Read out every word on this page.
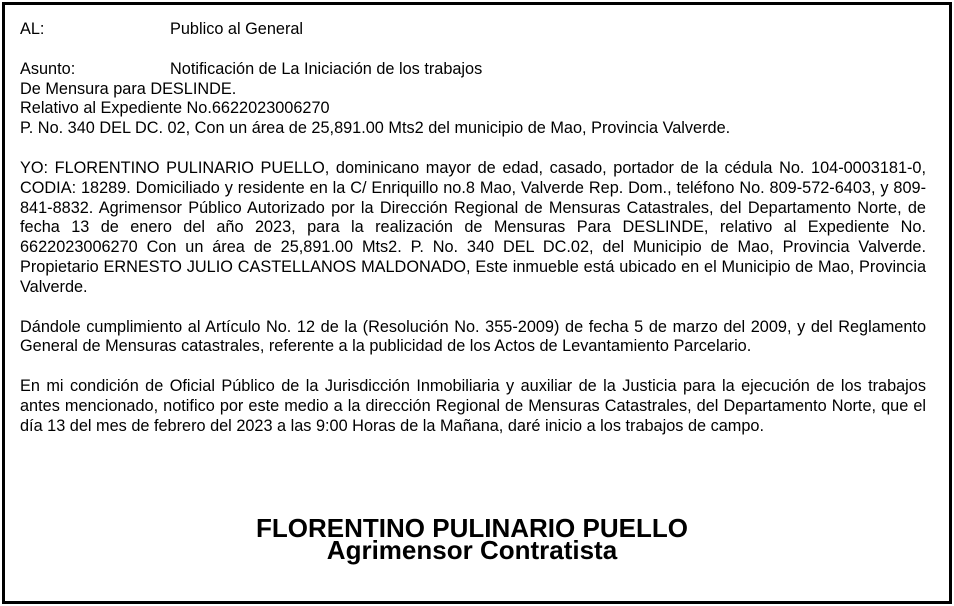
AL:	Publico al General
Asunto:	Notificación de La Iniciación de los trabajos
De Mensura para DESLINDE.
Relativo al Expediente No.6622023006270
P. No. 340 DEL DC. 02, Con un área de 25,891.00 Mts2 del municipio de Mao, Provincia Valverde.
YO: FLORENTINO PULINARIO PUELLO, dominicano mayor de edad, casado, portador de la cédula No. 104-0003181-0, CODIA: 18289. Domiciliado y residente en la C/ Enriquillo no.8 Mao, Valverde Rep. Dom., teléfono No. 809-572-6403, y 809-841-8832. Agrimensor Público Autorizado por la Dirección Regional de Mensuras Catastrales, del Departamento Norte, de fecha 13 de enero del año 2023, para la realización de Mensuras Para DESLINDE, relativo al Expediente No. 6622023006270 Con un área de 25,891.00 Mts2. P. No. 340 DEL DC.02, del Municipio de Mao, Provincia Valverde. Propietario ERNESTO JULIO CASTELLANOS MALDONADO, Este inmueble está ubicado en el Municipio de Mao, Provincia Valverde.
Dándole cumplimiento al Artículo No. 12 de la (Resolución No. 355-2009) de fecha 5 de marzo del 2009, y del Reglamento General de Mensuras catastrales, referente a la publicidad de los Actos de Levantamiento Parcelario.
En mi condición de Oficial Público de la Jurisdicción Inmobiliaria y auxiliar de la Justicia para la ejecución de los trabajos antes mencionado, notifico por este medio a la dirección Regional de Mensuras Catastrales, del Departamento Norte, que el día 13 del mes de febrero del 2023 a las 9:00 Horas de la Mañana, daré inicio a los trabajos de campo.
FLORENTINO PULINARIO PUELLO
Agrimensor Contratista
